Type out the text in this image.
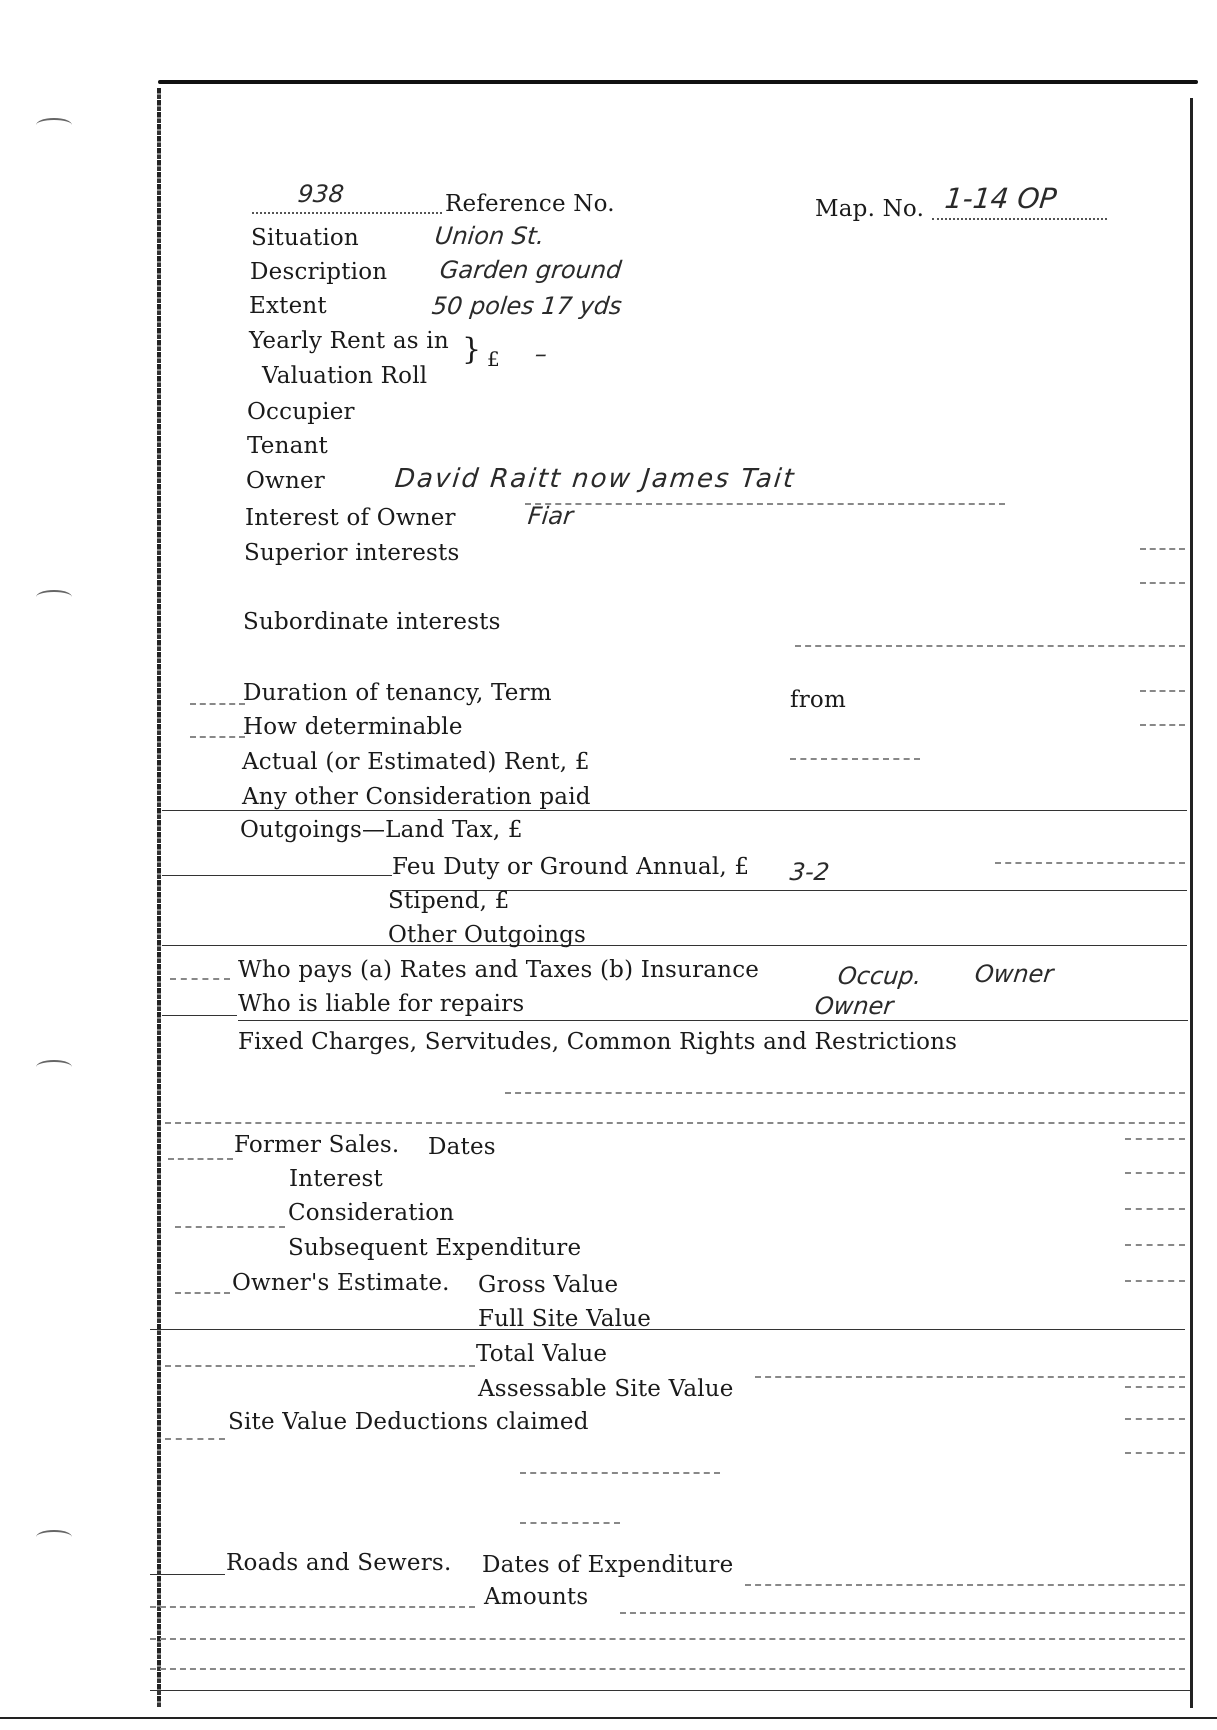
938	Reference No.	Map. No. 1-14 OP
Situation	Union St.
Description Garden ground
Extent	50 poles 17 yds
Yearly Rent as in
Valuation Roll
} £ –
Occupier
Tenant
Owner	David Raitt now James Tait
Interest of Owner	Fiar
Superior interests
Subordinate interests
Duration of tenancy, Term	from
How determinable
Actual (or Estimated) Rent, £
Any other Consideration paid
Outgoings—Land Tax, £
Feu Duty or Ground Annual, £ 3-2
Stipend, £
Other Outgoings
Who pays (a) Rates and Taxes (b) Insurance	Occup. Owner
Who is liable for repairs	Owner
Fixed Charges, Servitudes, Common Rights and Restrictions
Former Sales. Dates
Interest
Consideration
Subsequent Expenditure
Owner's Estimate. Gross Value
Full Site Value
Total Value
Assessable Site Value
Site Value Deductions claimed
Roads and Sewers. Dates of Expenditure
Amounts
